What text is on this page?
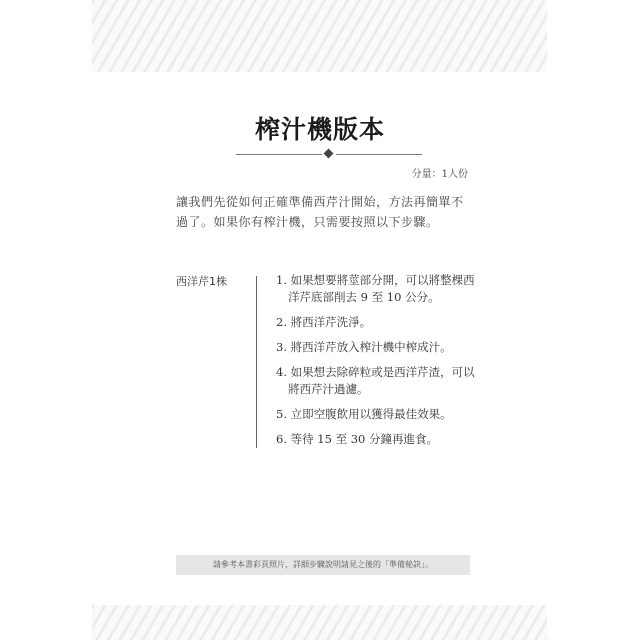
榨汁機版本
分量：1人份
讓我們先從如何正確準備西芹汁開始，方法再簡單不過了。如果你有榨汁機，只需要按照以下步驟。
西洋芹1株	1. 如果想要將莖部分開，可以將整棵西洋芹底部削去 9 至 10 公分。
2. 將西洋芹洗淨。
3. 將西洋芹放入榨汁機中榨成汁。
4. 如果想去除碎粒或是西洋芹渣，可以將西芹汁過濾。
5. 立即空腹飲用以獲得最佳效果。
6. 等待 15 至 30 分鐘再進食。
請參考本書彩頁照片，詳細步驟說明請見之後的「準備秘訣」。
